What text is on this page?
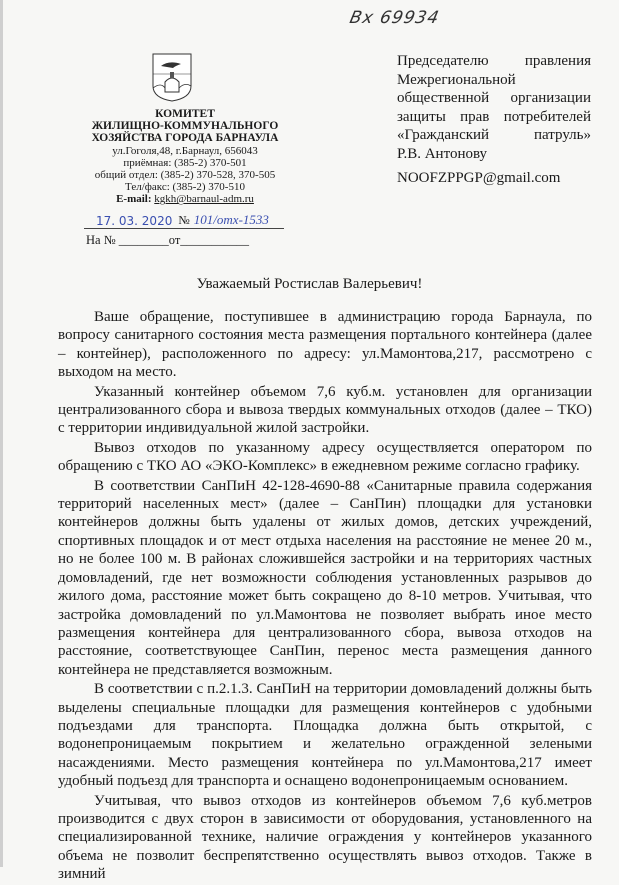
Вх 69934
КОМИТЕТ
ЖИЛИЩНО-КОММУНАЛЬНОГО
ХОЗЯЙСТВА ГОРОДА БАРНАУЛА
ул.Гоголя,48, г.Барнаул, 656043
приёмная: (385-2) 370-501
общий отдел: (385-2) 370-528, 370-505
Тел/факс: (385-2) 370-510
E-mail: kgkh@barnaul-adm.ru
17. 03. 2020 № 101/отх-1533
На № ________от___________
Председателю правления
Межрегиональной
общественной организации
защиты прав потребителей
«Гражданский патруль»
Р.В. Антонову
NOOFZPPGP@gmail.com
Уважаемый Ростислав Валерьевич!

Ваше обращение, поступившее в администрацию города Барнаула, по вопросу санитарного состояния места размещения портального контейнера (далее – контейнер), расположенного по адресу: ул.Мамонтова,217, рассмотрено с выходом на место.

Указанный контейнер объемом 7,6 куб.м. установлен для организации централизованного сбора и вывоза твердых коммунальных отходов (далее – ТКО) с территории индивидуальной жилой застройки.

Вывоз отходов по указанному адресу осуществляется оператором по обращению с ТКО АО «ЭКО-Комплекс» в ежедневном режиме согласно графику.

В соответствии СанПиН 42-128-4690-88 «Санитарные правила содержания территорий населенных мест» (далее – СанПин) площадки для установки контейнеров должны быть удалены от жилых домов, детских учреждений, спортивных площадок и от мест отдыха населения на расстояние не менее 20 м., но не более 100 м. В районах сложившейся застройки и на территориях частных домовладений, где нет возможности соблюдения установленных разрывов до жилого дома, расстояние может быть сокращено до 8-10 метров. Учитывая, что застройка домовладений по ул.Мамонтова не позволяет выбрать иное место размещения контейнера для централизованного сбора, вывоза отходов на расстояние, соответствующее СанПин, перенос места размещения данного контейнера не представляется возможным.

В соответствии с п.2.1.3. СанПиН на территории домовладений должны быть выделены специальные площадки для размещения контейнеров с удобными подъездами для транспорта. Площадка должна быть открытой, с водонепроницаемым покрытием и желательно огражденной зелеными насаждениями. Место размещения контейнера по ул.Мамонтова,217 имеет удобный подъезд для транспорта и оснащено водонепроницаемым основанием.

Учитывая, что вывоз отходов из контейнеров объемом 7,6 куб.метров производится с двух сторон в зависимости от оборудования, установленного на специализированной технике, наличие ограждения у контейнеров указанного объема не позволит беспрепятственно осуществлять вывоз отходов. Также в зимний
